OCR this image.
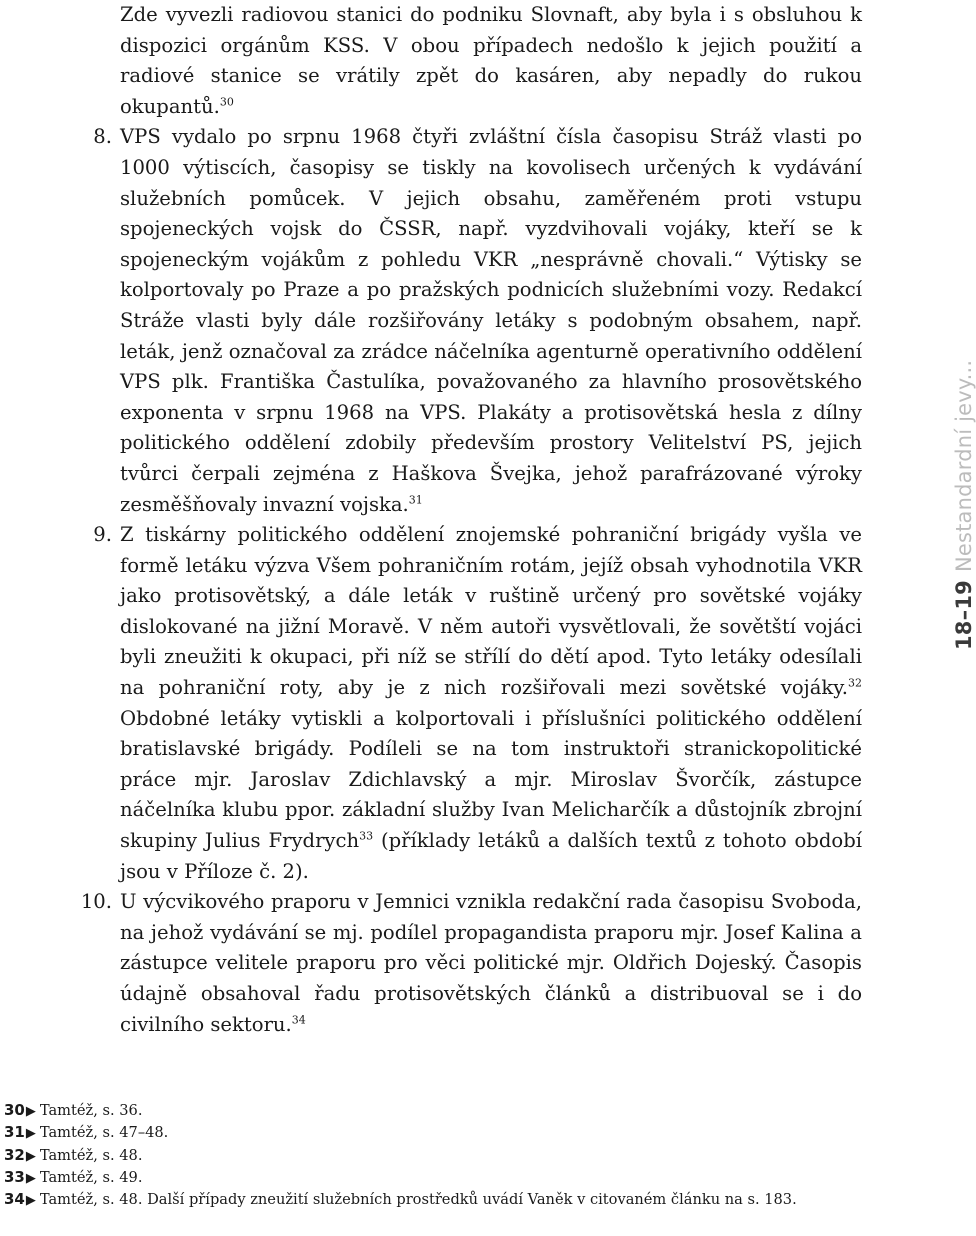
Zde vyvezli radiovou stanici do podniku Slovnaft, aby byla i s obsluhou k dispozici orgánům KSS. V obou případech nedošlo k jejich použití a radiové stanice se vrátily zpět do kasáren, aby nepadly do rukou okupantů.$^{30}$

8. VPS vydalo po srpnu 1968 čtyři zvláštní čísla časopisu Stráž vlasti po 1000 výtiscích, časopisy se tiskly na kovolisech určených k vydávání služebních pomůcek. V jejich obsahu, zaměřeném proti vstupu spojeneckých vojsk do ČSSR, např. vyzdvihovali vojáky, kteří se k spojeneckým vojákům z pohledu VKR „nesprávně chovali.“ Výtisky se kolportovaly po Praze a po pražských podnicích služebními vozy. Redakcí Stráže vlasti byly dále rozšiřovány letáky s podobným obsahem, např. leták, jenž označoval za zrádce náčelníka agenturně operativního oddělení VPS plk. Františka Častulíka, považovaného za hlavního prosovětského exponenta v srpnu 1968 na VPS. Plakáty a protisovětská hesla z dílny politického oddělení zdobily především prostory Velitelství PS, jejich tvůrci čerpali zejména z Haškova Švejka, jehož parafrázované výroky zesměšňovaly invazní vojska.$^{31}$

9. Z tiskárny politického oddělení znojemské pohraniční brigády vyšla ve formě letáku výzva Všem pohraničním rotám, jejíž obsah vyhodnotila VKR jako protisovětský, a dále leták v ruštině určený pro sovětské vojáky dislokované na jižní Moravě. V něm autoři vysvětlovali, že sovětští vojáci byli zneužiti k okupaci, při níž se střílí do dětí apod. Tyto letáky odesílali na pohraniční roty, aby je z nich rozšiřovali mezi sovětské vojáky.$^{32}$ Obdobné letáky vytiskli a kolportovali i příslušníci politického oddělení bratislavské brigády. Podíleli se na tom instruktoři stranickopolitické práce mjr. Jaroslav Zdichlavský a mjr. Miroslav Švorčík, zástupce náčelníka klubu ppor. základní služby Ivan Melicharčík a důstojník zbrojní skupiny Julius Frydrych$^{33}$ (příklady letáků a dalších textů z tohoto období jsou v Příloze č. 2).

10. U výcvikového praporu v Jemnici vznikla redakční rada časopisu Svoboda, na jehož vydávání se mj. podílel propagandista praporu mjr. Josef Kalina a zástupce velitele praporu pro věci politické mjr. Oldřich Dojeský. Časopis údajně obsahoval řadu protisovětských článků a distribuoval se i do civilního sektoru.$^{34}$

18–19Nestandardní jevy...

30▶ Tamtéž, s. 36.

31▶ Tamtéž, s. 47–48.

32▶ Tamtéž, s. 48.

33▶ Tamtéž, s. 49.

34▶ Tamtéž, s. 48. Další případy zneužití služebních prostředků uvádí Vaněk v citovaném článku na s. 183.
